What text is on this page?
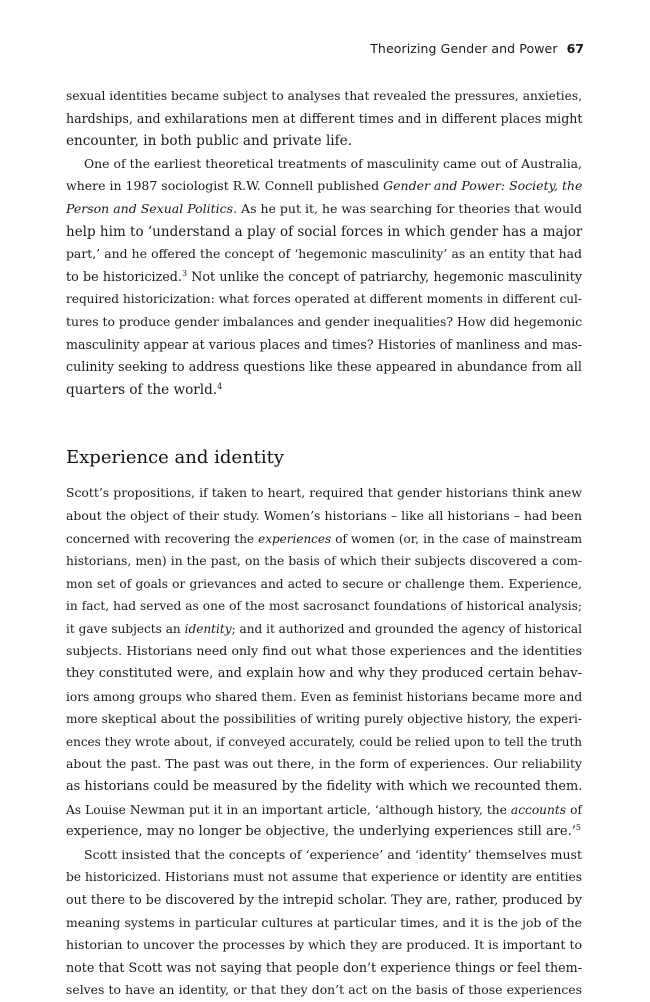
Theorizing Gender and Power 67
sexual identities became subject to analyses that revealed the pressures, anxieties,
hardships, and exhilarations men at different times and in different places might
encounter, in both public and private life.
One of the earliest theoretical treatments of masculinity came out of Australia,
where in 1987 sociologist R.W. Connell published Gender and Power: Society, the
Person and Sexual Politics. As he put it, he was searching for theories that would
help him to ‘understand a play of social forces in which gender has a major
part,’ and he offered the concept of ‘hegemonic masculinity’ as an entity that had
to be historicized.$^3$ Not unlike the concept of patriarchy, hegemonic masculinity
required historicization: what forces operated at different moments in different cul-
tures to produce gender imbalances and gender inequalities? How did hegemonic
masculinity appear at various places and times? Histories of manliness and mas-
culinity seeking to address questions like these appeared in abundance from all
quarters of the world.$^4$
Experience and identity
Scott’s propositions, if taken to heart, required that gender historians think anew
about the object of their study. Women’s historians – like all historians – had been
concerned with recovering the experiences of women (or, in the case of mainstream
historians, men) in the past, on the basis of which their subjects discovered a com-
mon set of goals or grievances and acted to secure or challenge them. Experience,
in fact, had served as one of the most sacrosanct foundations of historical analysis;
it gave subjects an identity; and it authorized and grounded the agency of historical
subjects. Historians need only find out what those experiences and the identities
they constituted were, and explain how and why they produced certain behav-
iors among groups who shared them. Even as feminist historians became more and
more skeptical about the possibilities of writing purely objective history, the experi-
ences they wrote about, if conveyed accurately, could be relied upon to tell the truth
about the past. The past was out there, in the form of experiences. Our reliability
as historians could be measured by the fidelity with which we recounted them.
As Louise Newman put it in an important article, ‘although history, the accounts of
experience, may no longer be objective, the underlying experiences still are.’$^5$
Scott insisted that the concepts of ‘experience’ and ‘identity’ themselves must
be historicized. Historians must not assume that experience or identity are entities
out there to be discovered by the intrepid scholar. They are, rather, produced by
meaning systems in particular cultures at particular times, and it is the job of the
historian to uncover the processes by which they are produced. It is important to
note that Scott was not saying that people don’t experience things or feel them-
selves to have an identity, or that they don’t act on the basis of those experiences
